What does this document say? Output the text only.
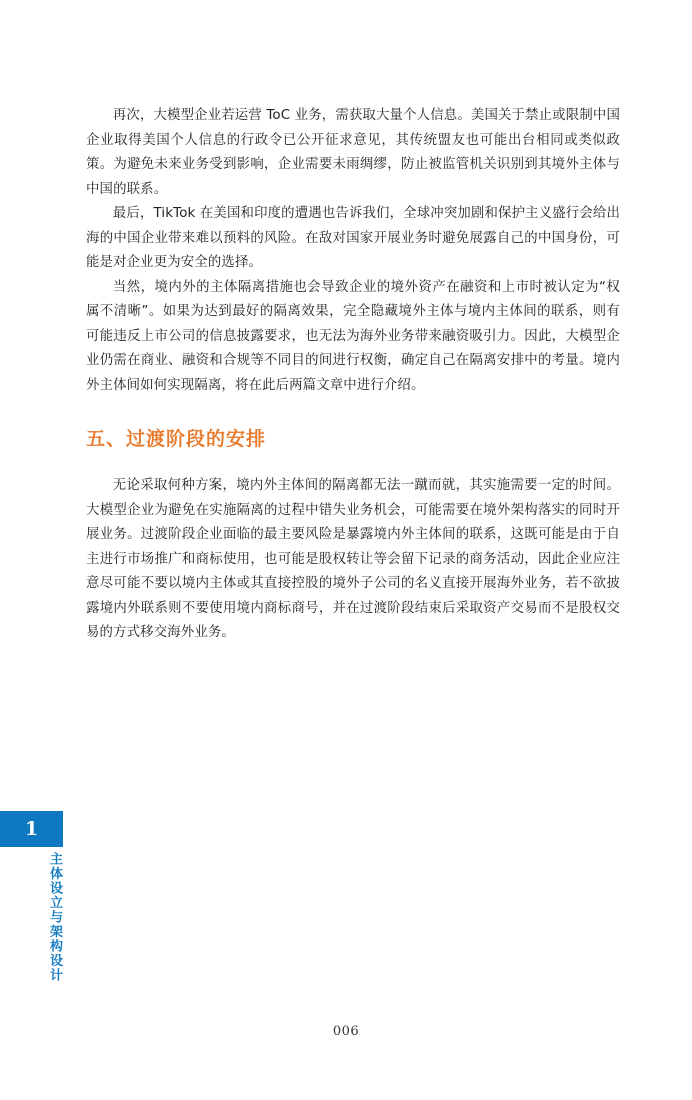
再次，大模型企业若运营 ToC 业务，需获取大量个人信息。美国关于禁止或限制中国企业取得美国个人信息的行政令已公开征求意见，其传统盟友也可能出台相同或类似政策。为避免未来业务受到影响，企业需要未雨绸缪，防止被监管机关识别到其境外主体与中国的联系。

最后，TikTok 在美国和印度的遭遇也告诉我们，全球冲突加剧和保护主义盛行会给出海的中国企业带来难以预料的风险。在敌对国家开展业务时避免展露自己的中国身份，可能是对企业更为安全的选择。

当然，境内外的主体隔离措施也会导致企业的境外资产在融资和上市时被认定为“权属不清晰”。如果为达到最好的隔离效果，完全隐藏境外主体与境内主体间的联系，则有可能违反上市公司的信息披露要求，也无法为海外业务带来融资吸引力。因此，大模型企业仍需在商业、融资和合规等不同目的间进行权衡，确定自己在隔离安排中的考量。境内外主体间如何实现隔离，将在此后两篇文章中进行介绍。

五、过渡阶段的安排

无论采取何种方案，境内外主体间的隔离都无法一蹴而就，其实施需要一定的时间。大模型企业为避免在实施隔离的过程中错失业务机会，可能需要在境外架构落实的同时开展业务。过渡阶段企业面临的最主要风险是暴露境内外主体间的联系，这既可能是由于自主进行市场推广和商标使用，也可能是股权转让等会留下记录的商务活动，因此企业应注意尽可能不要以境内主体或其直接控股的境外子公司的名义直接开展海外业务，若不欲披露境内外联系则不要使用境内商标商号，并在过渡阶段结束后采取资产交易而不是股权交易的方式移交海外业务。

1
主体设立与架构设计
006
